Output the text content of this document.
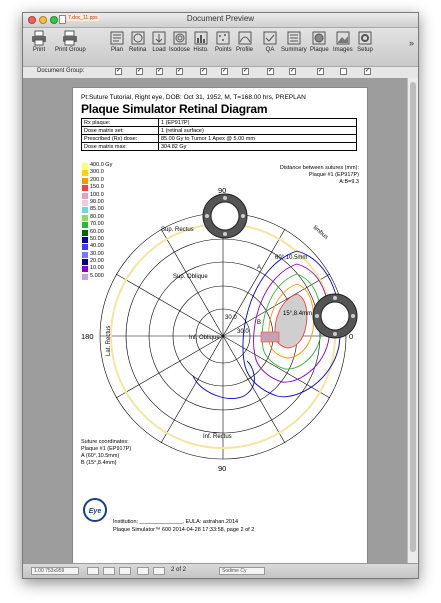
7.doc_11.pps	Document Preview
Print	Print Group	Plan	Retina Load Isodose Histo. Points Profile	QA	Summary Plaque Images Setup
»
Document Group:	✓	✓ ✓ ✓	✓	✓	✓	✓	✓	✓	✓
Pt:Suture Tutorial, Right eye, DOB: Oct 31, 1952, M, T=168.00 hrs, PREPLAN
Plaque Simulator Retinal Diagram
Rx plaque:	1 (EP917P)
Dose matrix set:	1 (retinal surface)
Prescribed (Rx) dose:	85.00 Gy to Tumor 1 Apex @ 5.00 mm
Dose matrix max:	304.82 Gy
90
90
180	0
Sup. Rectus
Sup. Oblique
Inf. Oblique
Inf. Rectus
Lat. Rectus
limbus
30.0
30.0
60°,10.5mm
15°,8.4mm
A
B
400.0 Gy
300.0
200.0
150.0
100.0
90.00
85.00
80.00
70.00
60.00
50.00
40.00
30.00
20.00
10.00
5.000
Distance between sutures (mm):
Plaque #1 (EP917P)
A:B=9.3
Suture coordinates:
Plaque #1 (EP917P)
A (60°,10.5mm)
B (15°,8.4mm)
Eye
Institution: ______________, EULA: astrahan.2014
Plaque Simulator™ 600 2014-04-28 17:33:58, page 2 of 2
1.00 753x959	2 of 2	Sodime Cy
